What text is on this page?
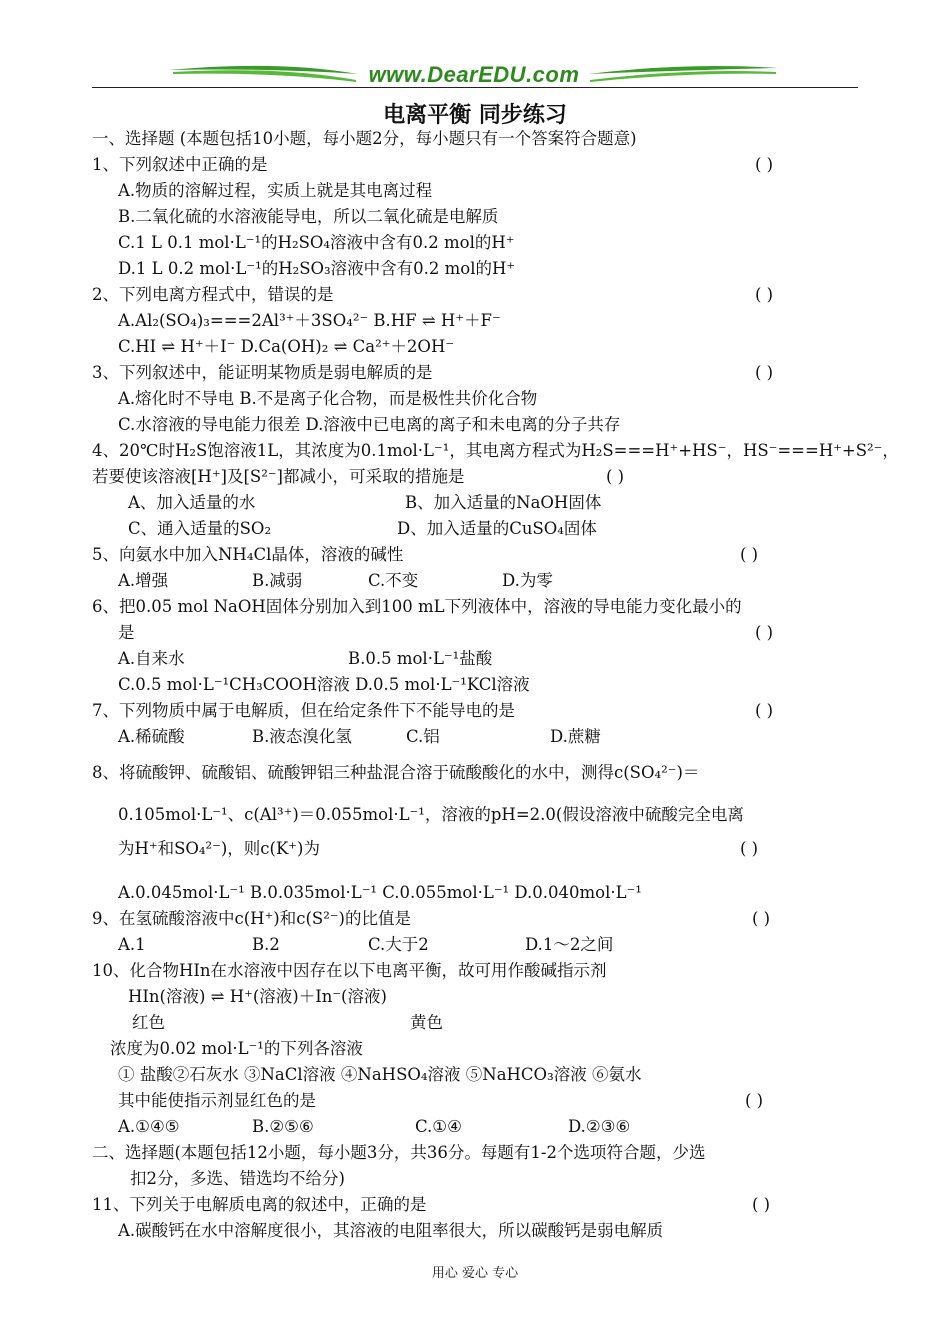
www.DearEDU.com
电离平衡 同步练习
一、选择题 (本题包括10小题，每小题2分，每小题只有一个答案符合题意)
1、下列叙述中正确的是	( )
A.物质的溶解过程，实质上就是其电离过程
B.二氧化硫的水溶液能导电，所以二氧化硫是电解质
C.1 L 0.1 mol·L⁻¹的H₂SO₄溶液中含有0.2 mol的H⁺
D.1 L 0.2 mol·L⁻¹的H₂SO₃溶液中含有0.2 mol的H⁺
2、下列电离方程式中，错误的是	( )
A.Al₂(SO₄)₃===2Al³⁺＋3SO₄²⁻ B.HF ⇌ H⁺＋F⁻
C.HI ⇌ H⁺＋I⁻ D.Ca(OH)₂ ⇌ Ca²⁺＋2OH⁻
3、下列叙述中，能证明某物质是弱电解质的是	( )
A.熔化时不导电 B.不是离子化合物，而是极性共价化合物
C.水溶液的导电能力很差 D.溶液中已电离的离子和未电离的分子共存
4、20℃时H₂S饱溶液1L，其浓度为0.1mol·L⁻¹，其电离方程式为H₂S===H⁺+HS⁻，HS⁻===H⁺+S²⁻，
若要使该溶液[H⁺]及[S²⁻]都减小，可采取的措施是	( )
A、加入适量的水	B、加入适量的NaOH固体
C、通入适量的SO₂	D、加入适量的CuSO₄固体
5、向氨水中加入NH₄Cl晶体，溶液的碱性	( )
A.增强	B.减弱	C.不变	D.为零
6、把0.05 mol NaOH固体分别加入到100 mL下列液体中，溶液的导电能力变化最小的
是	( )
A.自来水	B.0.5 mol·L⁻¹盐酸
C.0.5 mol·L⁻¹CH₃COOH溶液 D.0.5 mol·L⁻¹KCl溶液
7、下列物质中属于电解质，但在给定条件下不能导电的是	( )
A.稀硫酸	B.液态溴化氢	C.铝	D.蔗糖
8、将硫酸钾、硫酸铝、硫酸钾铝三种盐混合溶于硫酸酸化的水中，测得c(SO₄²⁻)＝
0.105mol·L⁻¹、c(Al³⁺)＝0.055mol·L⁻¹，溶液的pH=2.0(假设溶液中硫酸完全电离
为H⁺和SO₄²⁻)，则c(K⁺)为	( )
A.0.045mol·L⁻¹ B.0.035mol·L⁻¹ C.0.055mol·L⁻¹ D.0.040mol·L⁻¹
9、在氢硫酸溶液中c(H⁺)和c(S²⁻)的比值是	( )
A.1	B.2	C.大于2	D.1～2之间
10、化合物HIn在水溶液中因存在以下电离平衡，故可用作酸碱指示剂
HIn(溶液) ⇌ H⁺(溶液)＋In⁻(溶液)
红色	黄色
浓度为0.02 mol·L⁻¹的下列各溶液
① 盐酸②石灰水 ③NaCl溶液 ④NaHSO₄溶液 ⑤NaHCO₃溶液 ⑥氨水
其中能使指示剂显红色的是	( )
A.①④⑤	B.②⑤⑥	C.①④	D.②③⑥
二、选择题(本题包括12小题，每小题3分，共36分。每题有1-2个选项符合题，少选
扣2分，多选、错选均不给分)
11、下列关于电解质电离的叙述中，正确的是	( )
A.碳酸钙在水中溶解度很小，其溶液的电阻率很大，所以碳酸钙是弱电解质
用心 爱心 专心
